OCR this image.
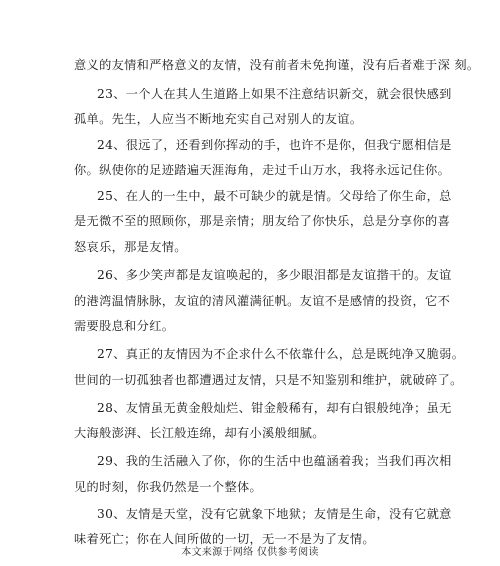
意义的友情和严格意义的友情，没有前者未免拘谨，没有后者难于深 刻。
23、一个人在其人生道路上如果不注意结识新交，就会很快感到
孤单。先生，人应当不断地充实自己对别人的友谊。
24、很远了，还看到你挥动的手，也许不是你，但我宁愿相信是
你。纵使你的足迹踏遍天涯海角，走过千山万水，我将永远记住你。
25、在人的一生中，最不可缺少的就是情。父母给了你生命，总
是无微不至的照顾你，那是亲情；朋友给了你快乐，总是分享你的喜
怒哀乐，那是友情。
26、多少笑声都是友谊唤起的，多少眼泪都是友谊揩干的。友谊
的港湾温情脉脉，友谊的清风灌满征帆。友谊不是感情的投资，它不
需要股息和分红。
27、真正的友情因为不企求什么不依靠什么，总是既纯净又脆弱。
世间的一切孤独者也都遭遇过友情，只是不知鉴别和维护，就破碎了。
28、友情虽无黄金般灿烂、钳金般稀有，却有白银般纯净；虽无
大海般澎湃、长江般连绵，却有小溪般细腻。
29、我的生活融入了你，你的生活中也蕴涵着我；当我们再次相
见的时刻，你我仍然是一个整体。
30、友情是天堂，没有它就象下地狱；友情是生命，没有它就意
味着死亡；你在人间所做的一切，无一不是为了友情。
本文来源于网络 仅供参考阅读
